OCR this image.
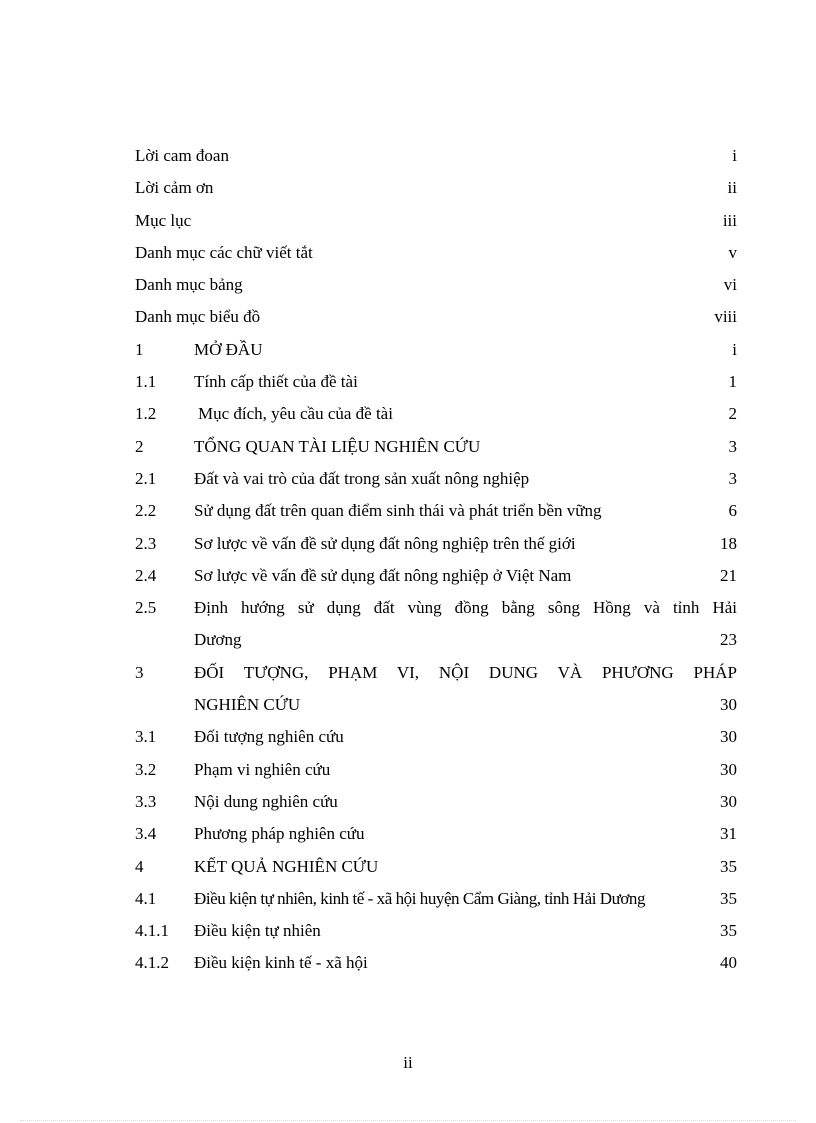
Lời cam đoan	i
Lời cảm ơn	ii
Mục lục	iii
Danh mục các chữ viết tắt	v
Danh mục bảng	vi
Danh mục biểu đồ	viii
1	MỞ ĐẦU	i
1.1	Tính cấp thiết của đề tài	1
1.2	Mục đích, yêu cầu của đề tài	2
2	TỔNG QUAN TÀI LIỆU NGHIÊN CỨU	3
2.1	Đất và vai trò của đất trong sản xuất nông nghiệp	3
2.2	Sử dụng đất trên quan điểm sinh thái và phát triển bền vững	6
2.3	Sơ lược về vấn đề sử dụng đất nông nghiệp trên thế giới	18
2.4	Sơ lược về vấn đề sử dụng đất nông nghiệp ở Việt Nam	21
2.5	Định hướng sử dụng đất vùng đồng bằng sông Hồng và tỉnh Hải
Dương	23
3	ĐỐI TƯỢNG, PHẠM VI, NỘI DUNG VÀ PHƯƠNG PHÁP
NGHIÊN CỨU	30
3.1	Đối tượng nghiên cứu	30
3.2	Phạm vi nghiên cứu	30
3.3	Nội dung nghiên cứu	30
3.4	Phương pháp nghiên cứu	31
4	KẾT QUẢ NGHIÊN CỨU	35
4.1	Điều kiện tự nhiên, kinh tế - xã hội huyện Cẩm Giàng, tỉnh Hải Dương	35
4.1.1	Điều kiện tự nhiên	35
4.1.2	Điều kiện kinh tế - xã hội	40
ii
